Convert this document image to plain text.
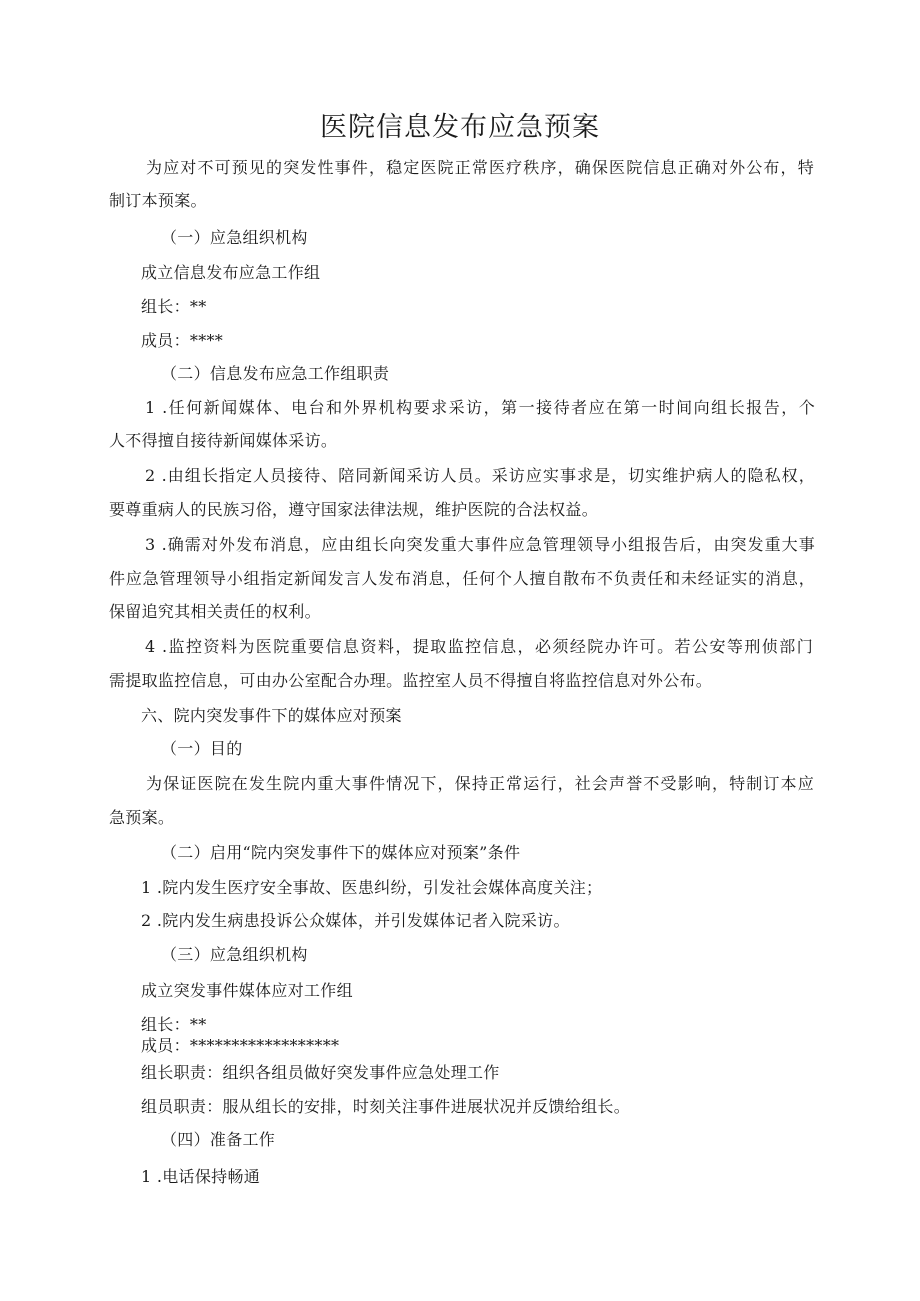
医院信息发布应急预案
为应对不可预见的突发性事件，稳定医院正常医疗秩序，确保医院信息正确对外公布，特
制订本预案。
（一）应急组织机构
成立信息发布应急工作组
组长：**
成员：****
（二）信息发布应急工作组职责
1 .任何新闻媒体、电台和外界机构要求采访，第一接待者应在第一时间向组长报告，个
人不得擅自接待新闻媒体采访。
2 .由组长指定人员接待、陪同新闻采访人员。采访应实事求是，切实维护病人的隐私权，
要尊重病人的民族习俗，遵守国家法律法规，维护医院的合法权益。
3 .确需对外发布消息，应由组长向突发重大事件应急管理领导小组报告后，由突发重大事
件应急管理领导小组指定新闻发言人发布消息，任何个人擅自散布不负责任和未经证实的消息，
保留追究其相关责任的权利。
4 .监控资料为医院重要信息资料，提取监控信息，必须经院办许可。若公安等刑侦部门
需提取监控信息，可由办公室配合办理。监控室人员不得擅自将监控信息对外公布。
六、院内突发事件下的媒体应对预案
（一）目的
为保证医院在发生院内重大事件情况下，保持正常运行，社会声誉不受影响，特制订本应
急预案。
（二）启用“院内突发事件下的媒体应对预案”条件
1 .院内发生医疗安全事故、医患纠纷，引发社会媒体高度关注；
2 .院内发生病患投诉公众媒体，并引发媒体记者入院采访。
（三）应急组织机构
成立突发事件媒体应对工作组
组长：**
成员：******************
组长职责：组织各组员做好突发事件应急处理工作
组员职责：服从组长的安排，时刻关注事件进展状况并反馈给组长。
（四）准备工作
1 .电话保持畅通
